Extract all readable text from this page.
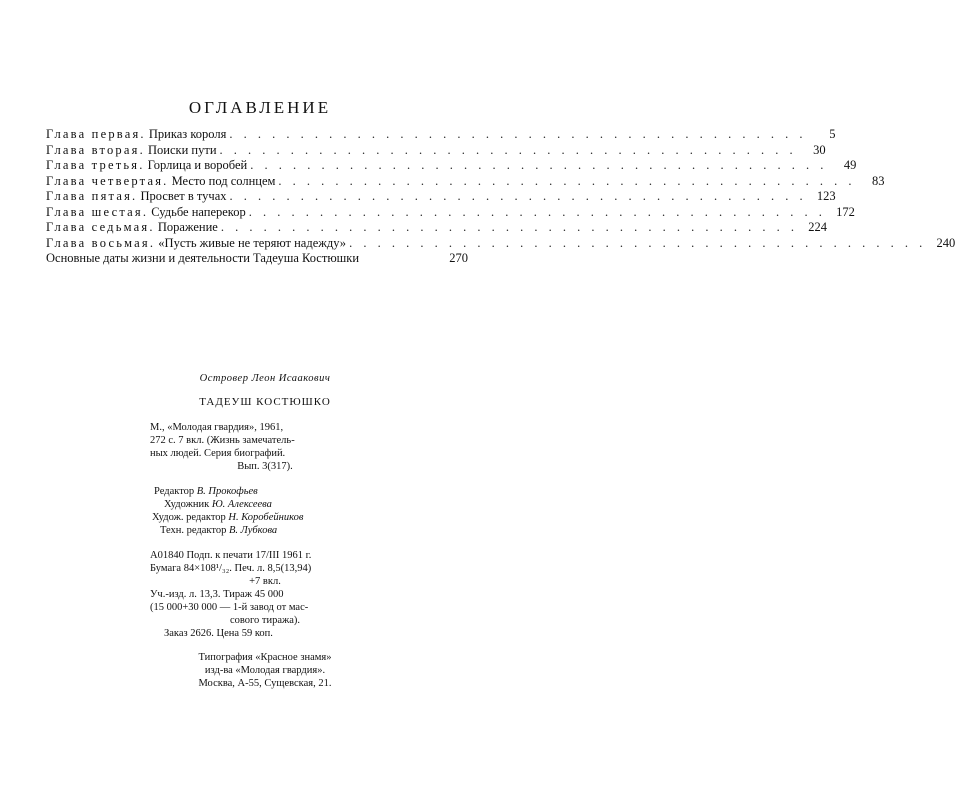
ОГЛАВЛЕНИЕ
Глава первая. Приказ короля . . . . . . . . . . . . . . . . . . . . . . . . . . . . . . . . . . . . . . . . .	5
Глава вторая. Поиски пути . . . . . . . . . . . . . . . . . . . . . . . . . . . . . . . . . . . . . . . . .	30
Глава третья. Горлица и воробей . . . . . . . . . . . . . . . . . . . . . . . . . . . . . . . . . . . . . . . . .	49
Глава четвертая. Место под солнцем . . . . . . . . . . . . . . . . . . . . . . . . . . . . . . . . . . . . . . . . .	83
Глава пятая. Просвет в тучах . . . . . . . . . . . . . . . . . . . . . . . . . . . . . . . . . . . . . . . . . 123
Глава шестая. Судьбе наперекор . . . . . . . . . . . . . . . . . . . . . . . . . . . . . . . . . . . . . . . . . 172
Глава седьмая. Поражение . . . . . . . . . . . . . . . . . . . . . . . . . . . . . . . . . . . . . . . . . 224
Глава восьмая. «Пусть живые не теряют надежду» . . . . . . . . . . . . . . . . . . . . . . . . . . . . . . . . . . . . . . . . . 240
Основные даты жизни и деятельности Тадеуша Костюшки	270
Островер Леон Исаакович
ТАДЕУШ КОСТЮШКО
М., «Молодая гвардия», 1961,
272 с. 7 вкл. (Жизнь замечатель-
ных людей. Серия биографий.
Вып. 3(317).
Редактор В. Прокофьев
Художник Ю. Алексеева
Худож. редактор Н. Коробейников
Техн. редактор В. Лубкова
А01840 Подп. к печати 17/III 1961 г.
Бумага 84×108¹/₃₂. Печ. л. 8,5(13,94)
+7 вкл.
Уч.-изд. л. 13,3. Тираж 45 000
(15 000+30 000 — 1-й завод от мас-
сового тиража).
Заказ 2626. Цена 59 коп.
Типография «Красное знамя»
изд-ва «Молодая гвардия».
Москва, А-55, Сущевская, 21.
